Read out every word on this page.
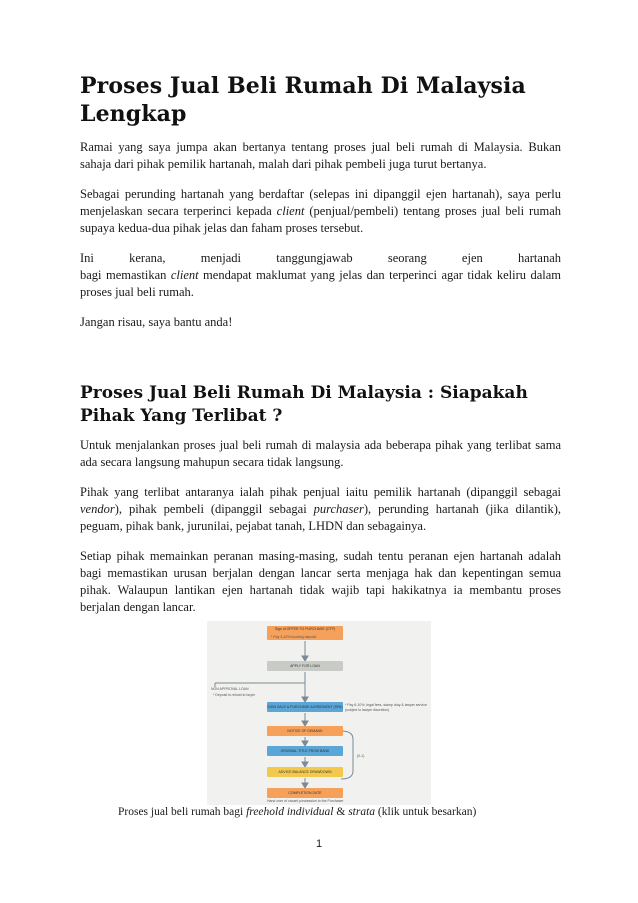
Proses Jual Beli Rumah Di Malaysia Lengkap

Ramai yang saya jumpa akan bertanya tentang proses jual beli rumah di Malaysia. Bukan sahaja dari pihak pemilik hartanah, malah dari pihak pembeli juga turut bertanya.

Sebagai perunding hartanah yang berdaftar (selepas ini dipanggil ejen hartanah), saya perlu menjelaskan secara terperinci kepada client (penjual/pembeli) tentang proses jual beli rumah supaya kedua-dua pihak jelas dan faham proses tersebut.

Ini kerana, menjadi tanggungjawab seorang ejen hartanah
bagi memastikan client mendapat maklumat yang jelas dan terperinci agar tidak keliru dalam proses jual beli rumah.

Jangan risau, saya bantu anda!

Proses Jual Beli Rumah Di Malaysia : Siapakah Pihak Yang Terlibat ?

Untuk menjalankan proses jual beli rumah di malaysia ada beberapa pihak yang terlibat sama ada secara langsung mahupun secara tidak langsung.

Pihak yang terlibat antaranya ialah pihak penjual iaitu pemilik hartanah (dipanggil sebagai vendor), pihak pembeli (dipanggil sebagai purchaser), perunding hartanah (jika dilantik), peguam, pihak bank, jurunilai, pejabat tanah, LHDN dan sebagainya.

Setiap pihak memainkan peranan masing-masing, sudah tentu peranan ejen hartanah adalah bagi memastikan urusan berjalan dengan lancar serta menjaga hak dan kepentingan semua pihak. Walaupun lantikan ejen hartanah tidak wajib tapi hakikatnya ia membantu proses berjalan dengan lancar.

Sign of OFFER TO PURCHASE (OTP)
* Pay 3-10% booking deposit
APPLY FOR LOAN
NON APPROVAL LOAN
* Deposit is refund to buyer
SIGN SALE & PURCHASE AGREEMENT (SPA) * Pay 6-10%, legal fees, stamp duty & lawyer service (subject to lawyer discretion)
NOTICE OF DEMAND
(0-1)
ORIGINAL TITLE FROM BANK
ADVICE BALANCE DRAWDOWN
COMPLETION DATE
Hand over of vacant possession to the Purchaser
Proses jual beli rumah bagi freehold individual & strata (klik untuk besarkan)
1
